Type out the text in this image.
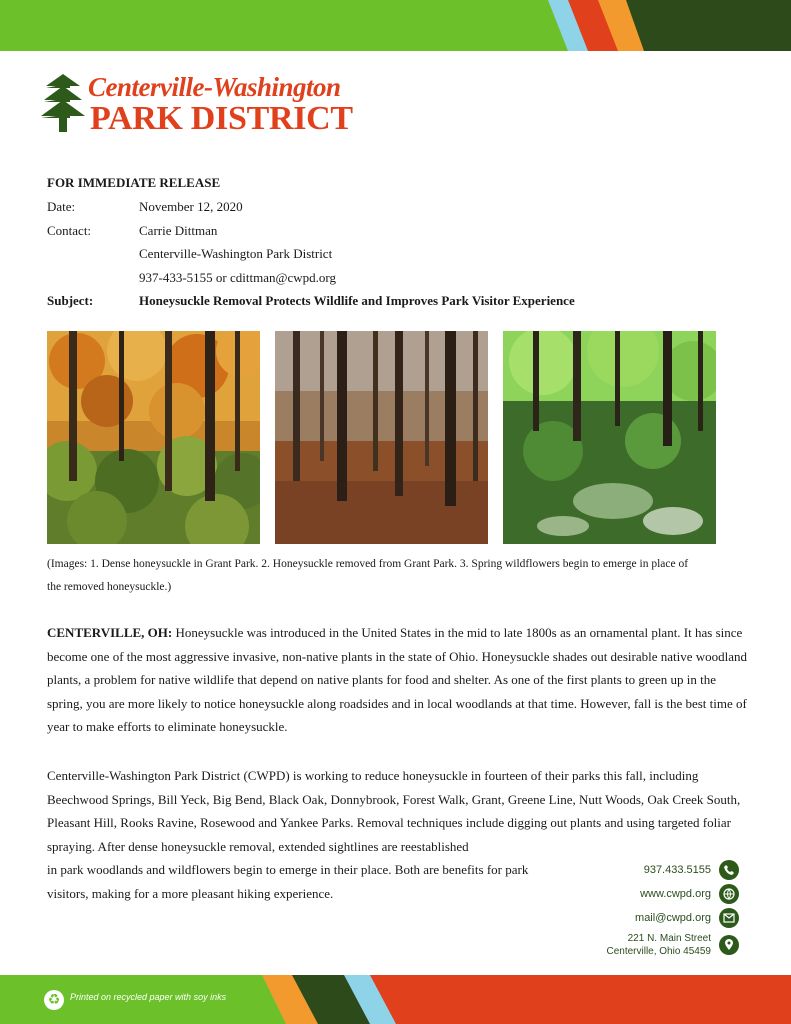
Centerville-Washington
PARK DISTRICT
FOR IMMEDIATE RELEASE
Date:	November 12, 2020
Contact:	Carrie Dittman
Centerville-Washington Park District
937-433-5155 or cdittman@cwpd.org
Subject:	Honeysuckle Removal Protects Wildlife and Improves Park Visitor Experience
(Images: 1. Dense honeysuckle in Grant Park. 2. Honeysuckle removed from Grant Park. 3. Spring wildflowers begin to emerge in place of
the removed honeysuckle.)
CENTERVILLE, OH: Honeysuckle was introduced in the United States in the mid to late 1800s as an ornamental plant. It has since become one of the most aggressive invasive, non-native plants in the state of Ohio. Honeysuckle shades out desirable native woodland plants, a problem for native wildlife that depend on native plants for food and shelter. As one of the first plants to green up in the spring, you are more likely to notice honeysuckle along roadsides and in local woodlands at that time. However, fall is the best time of year to make efforts to eliminate honeysuckle.
Centerville-Washington Park District (CWPD) is working to reduce honeysuckle in fourteen of their parks this fall, including Beechwood Springs, Bill Yeck, Big Bend, Black Oak, Donnybrook, Forest Walk, Grant, Greene Line, Nutt Woods, Oak Creek South, Pleasant Hill, Rooks Ravine, Rosewood and Yankee Parks. Removal techniques include digging out plants and using targeted foliar spraying. After dense honeysuckle removal, extended sightlines are reestablished
in park woodlands and wildflowers begin to emerge in their place. Both are benefits for park visitors, making for a more pleasant hiking experience.
937.433.5155
www.cwpd.org
mail@cwpd.org
221 N. Main Street
Centerville, Ohio 45459
♻	Printed on recycled paper with soy inks
